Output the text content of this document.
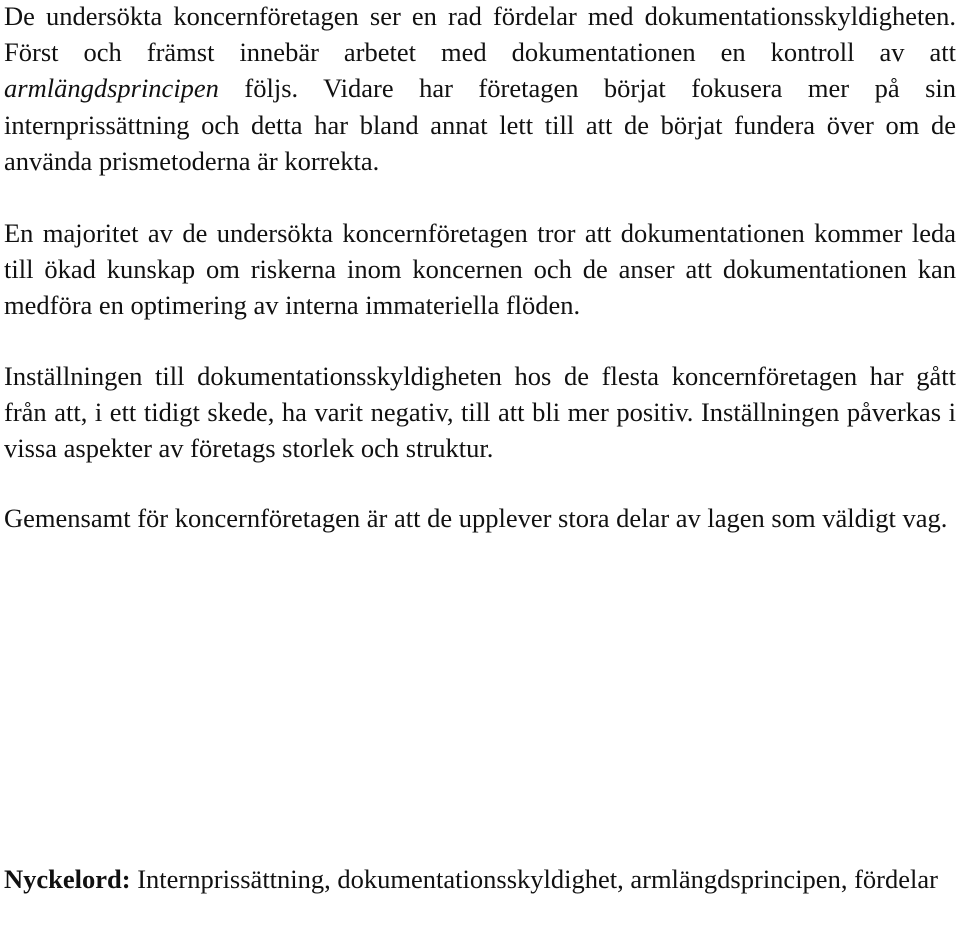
De undersökta koncernföretagen ser en rad fördelar med dokumentationsskyldigheten. Först och främst innebär arbetet med dokumentationen en kontroll av att armlängdsprincipen följs. Vidare har företagen börjat fokusera mer på sin internprissättning och detta har bland annat lett till att de börjat fundera över om de använda prismetoderna är korrekta.

En majoritet av de undersökta koncernföretagen tror att dokumentationen kommer leda till ökad kunskap om riskerna inom koncernen och de anser att dokumentationen kan medföra en optimering av interna immateriella flöden.

Inställningen till dokumentationsskyldigheten hos de flesta koncernföretagen har gått från att, i ett tidigt skede, ha varit negativ, till att bli mer positiv. Inställningen påverkas i vissa aspekter av företags storlek och struktur.

Gemensamt för koncernföretagen är att de upplever stora delar av lagen som väldigt vag.

Nyckelord: Internprissättning, dokumentationsskyldighet, armlängdsprincipen, fördelar
